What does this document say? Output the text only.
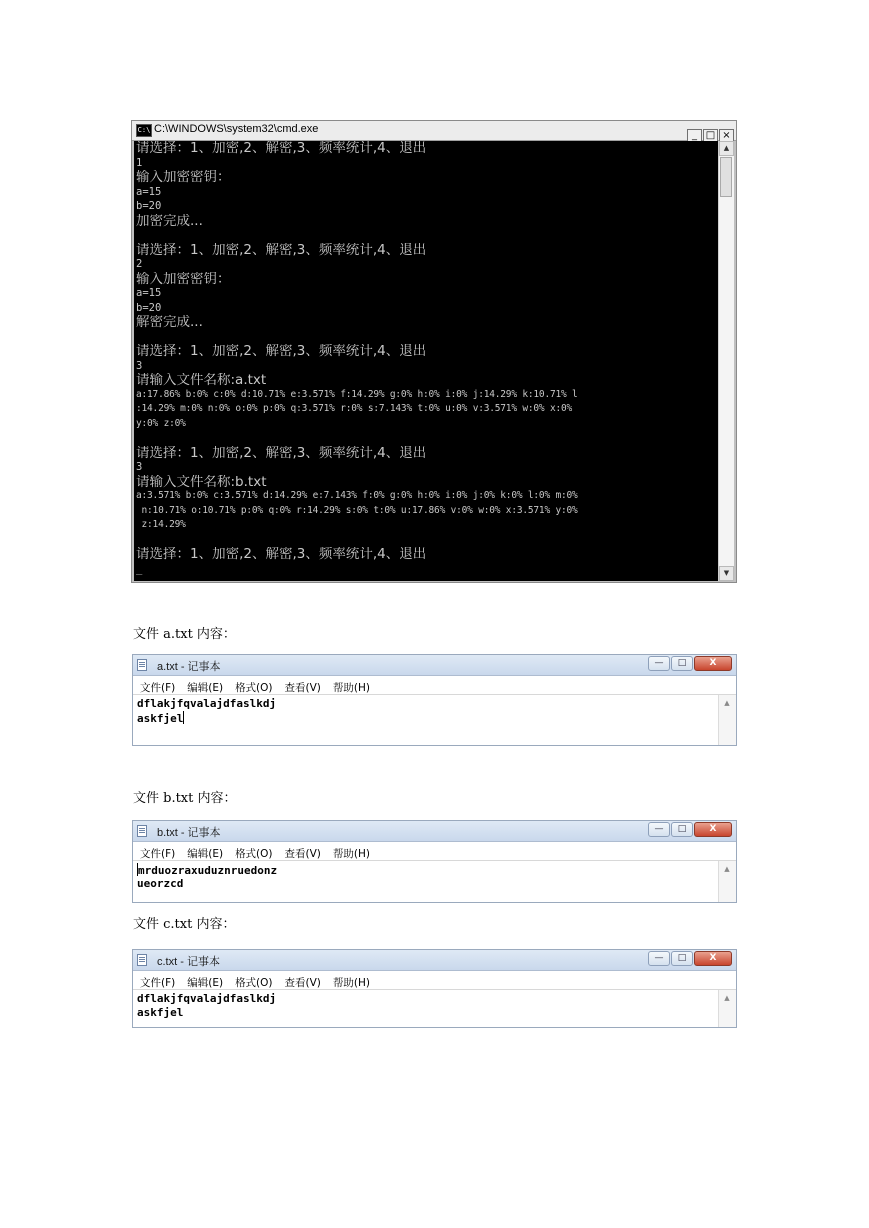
C:\ C:\WINDOWS\system32\cmd.exe
_ □ ×
请选择：1、加密,2、解密,3、频率统计,4、退出
1
输入加密密钥：
a=15
b=20
加密完成...
请选择：1、加密,2、解密,3、频率统计,4、退出
2
输入加密密钥：
a=15
b=20
解密完成...
请选择：1、加密,2、解密,3、频率统计,4、退出
3
请输入文件名称:a.txt
a:17.86% b:0% c:0% d:10.71% e:3.571% f:14.29% g:0% h:0% i:0% j:14.29% k:10.71% l
:14.29% m:0% n:0% o:0% p:0% q:3.571% r:0% s:7.143% t:0% u:0% v:3.571% w:0% x:0%
y:0% z:0%
请选择：1、加密,2、解密,3、频率统计,4、退出
3
请输入文件名称:b.txt
a:3.571% b:0% c:3.571% d:14.29% e:7.143% f:0% g:0% h:0% i:0% j:0% k:0% l:0% m:0%
n:10.71% o:10.71% p:0% q:0% r:14.29% s:0% t:0% u:17.86% v:0% w:0% x:3.571% y:0%
z:14.29%
请选择：1、加密,2、解密,3、频率统计,4、退出
_
▲
▼
文件 a.txt 内容：
a.txt - 记事本	— □	X
文件(F) 编辑(E) 格式(O) 查看(V) 帮助(H)
dflakjfqvalajdfaslkdj
askfjel
▲
文件 b.txt 内容：
b.txt - 记事本	— □	X
文件(F) 编辑(E) 格式(O) 查看(V) 帮助(H)
mrduozraxuduznruedonz
ueorzcd
▲
文件 c.txt 内容：
c.txt - 记事本	— □	X
文件(F) 编辑(E) 格式(O) 查看(V) 帮助(H)
dflakjfqvalajdfaslkdj
askfjel
▲
